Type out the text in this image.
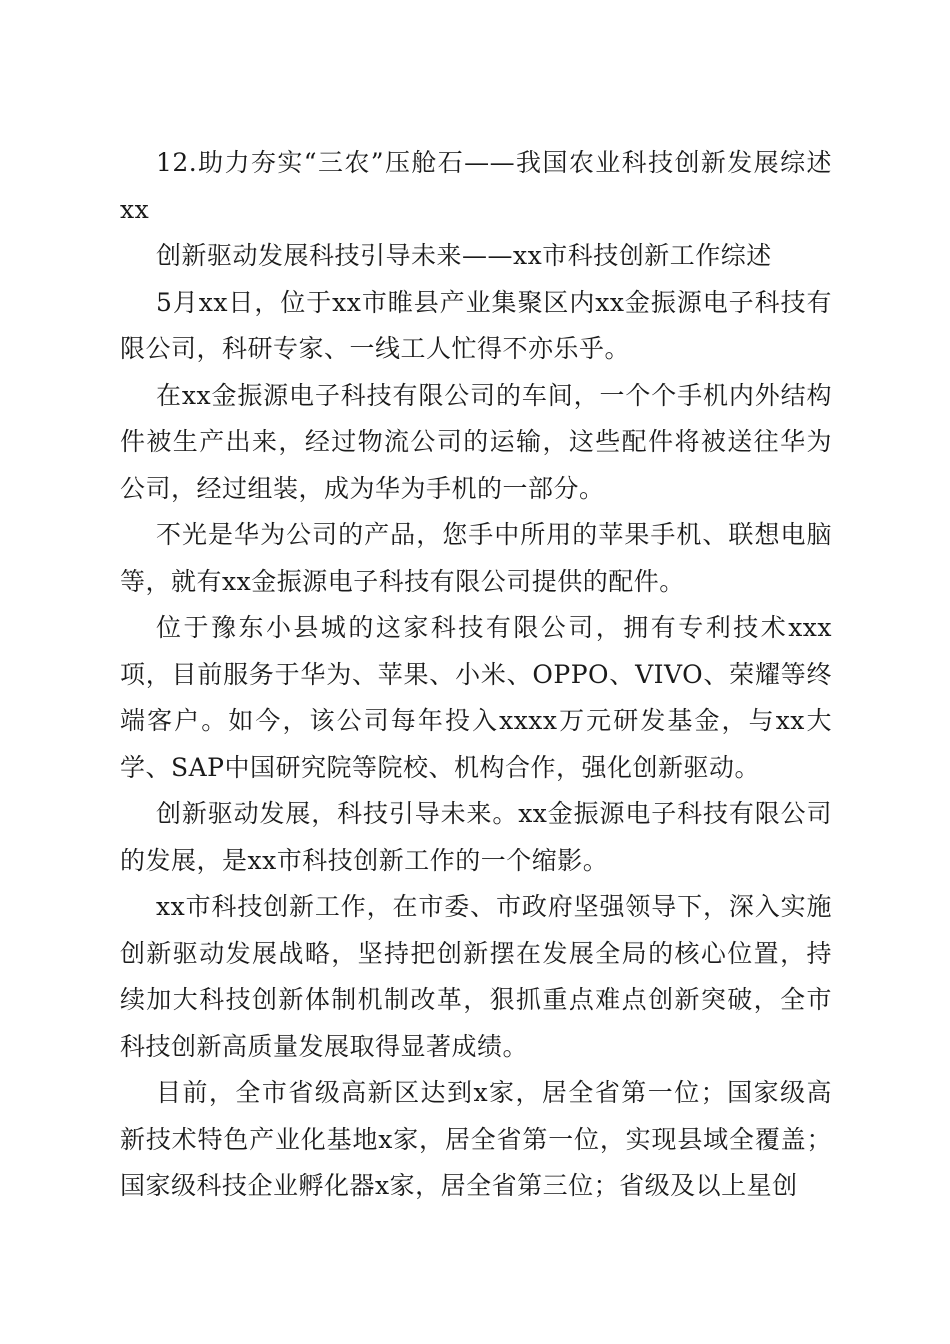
12.助力夯实“三农”压舱石——我国农业科技创新发展综述xx

创新驱动发展科技引导未来——xx市科技创新工作综述

5月xx日，位于xx市睢县产业集聚区内xx金振源电子科技有限公司，科研专家、一线工人忙得不亦乐乎。

在xx金振源电子科技有限公司的车间，一个个手机内外结构件被生产出来，经过物流公司的运输，这些配件将被送往华为公司，经过组装，成为华为手机的一部分。

不光是华为公司的产品，您手中所用的苹果手机、联想电脑等，就有xx金振源电子科技有限公司提供的配件。

位于豫东小县城的这家科技有限公司，拥有专利技术xxx项，目前服务于华为、苹果、小米、OPPO、VIVO、荣耀等终端客户。如今，该公司每年投入xxxx万元研发基金，与xx大学、SAP中国研究院等院校、机构合作，强化创新驱动。

创新驱动发展，科技引导未来。xx金振源电子科技有限公司的发展，是xx市科技创新工作的一个缩影。

xx市科技创新工作，在市委、市政府坚强领导下，深入实施创新驱动发展战略，坚持把创新摆在发展全局的核心位置，持续加大科技创新体制机制改革，狠抓重点难点创新突破，全市科技创新高质量发展取得显著成绩。

目前，全市省级高新区达到x家，居全省第一位；国家级高新技术特色产业化基地x家，居全省第一位，实现县域全覆盖；国家级科技企业孵化器x家，居全省第三位；省级及以上星创
